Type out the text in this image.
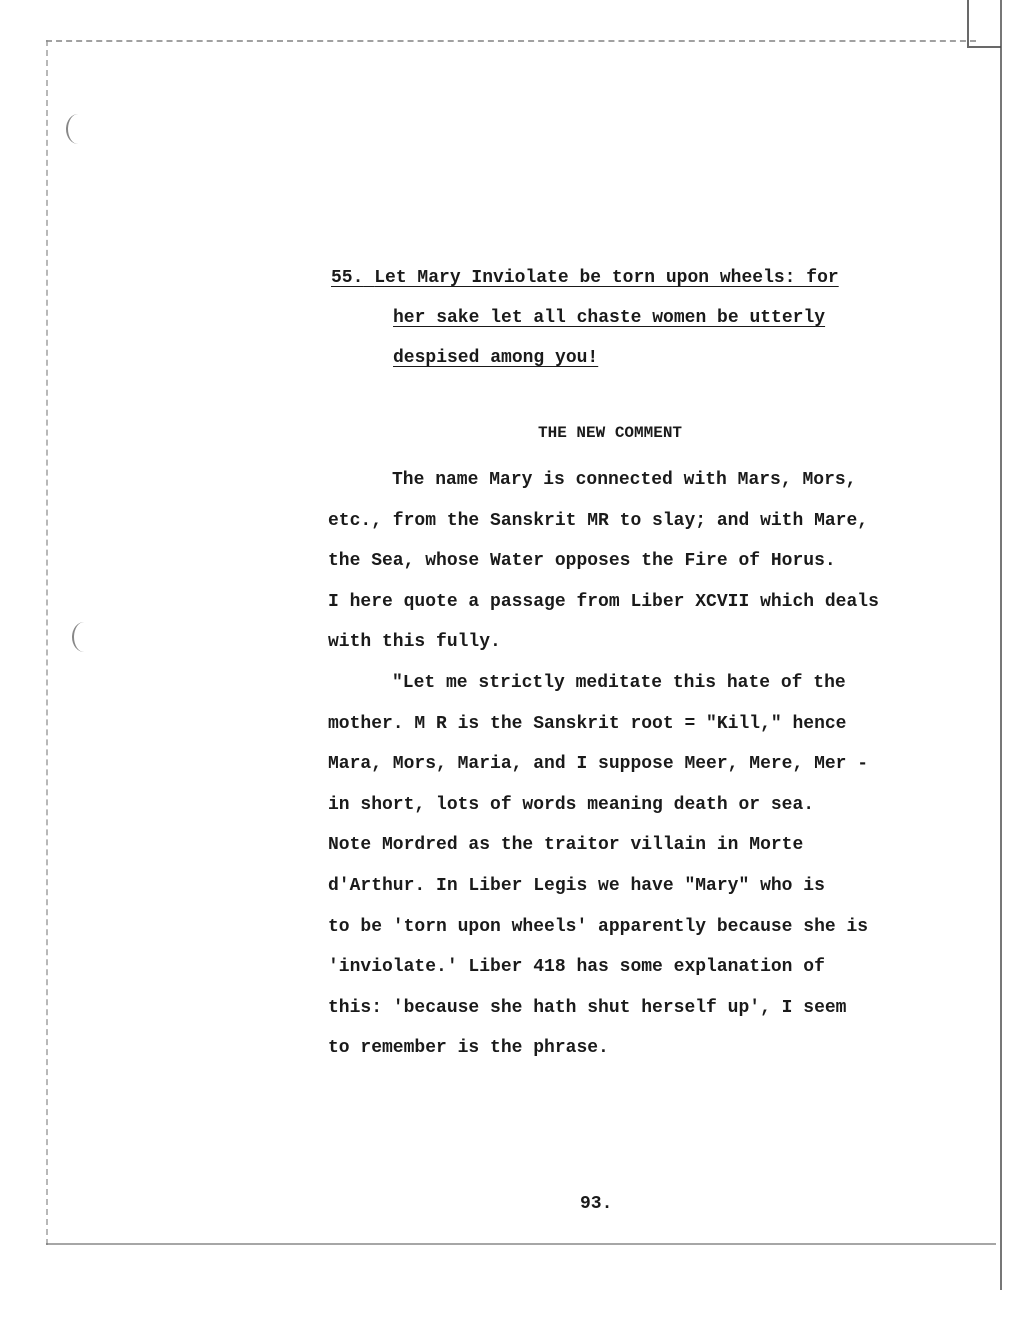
55. Let Mary Inviolate be torn upon wheels: for
her sake let all chaste women be utterly
despised among you!
THE NEW COMMENT
The name Mary is connected with Mars, Mors,
etc., from the Sanskrit MR to slay; and with Mare,
the Sea, whose Water opposes the Fire of Horus.
I here quote a passage from Liber XCVII which deals
with this fully.
"Let me strictly meditate this hate of the
mother. M R is the Sanskrit root = "Kill," hence
Mara, Mors, Maria, and I suppose Meer, Mere, Mer -
in short, lots of words meaning death or sea.
Note Mordred as the traitor villain in Morte
d'Arthur. In Liber Legis we have "Mary" who is
to be 'torn upon wheels' apparently because she is
'inviolate.' Liber 418 has some explanation of
this: 'because she hath shut herself up', I seem
to remember is the phrase.
93.
